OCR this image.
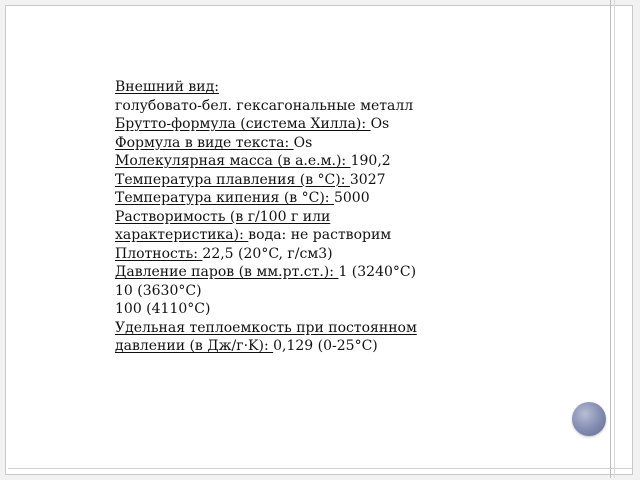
Внешний вид:
голубовато-бел. гексагональные металл
Брутто-формула (система Хилла): Os
Формула в виде текста: Os
Молекулярная масса (в а.е.м.): 190,2
Температура плавления (в °C): 3027
Температура кипения (в °C): 5000
Растворимость (в г/100 г или
характеристика): вода: не растворим
Плотность: 22,5 (20°C, г/см3)
Давление паров (в мм.рт.ст.): 1 (3240°C)
10 (3630°C)
100 (4110°C)
Удельная теплоемкость при постоянном
давлении (в Дж/г·K): 0,129 (0-25°C)
